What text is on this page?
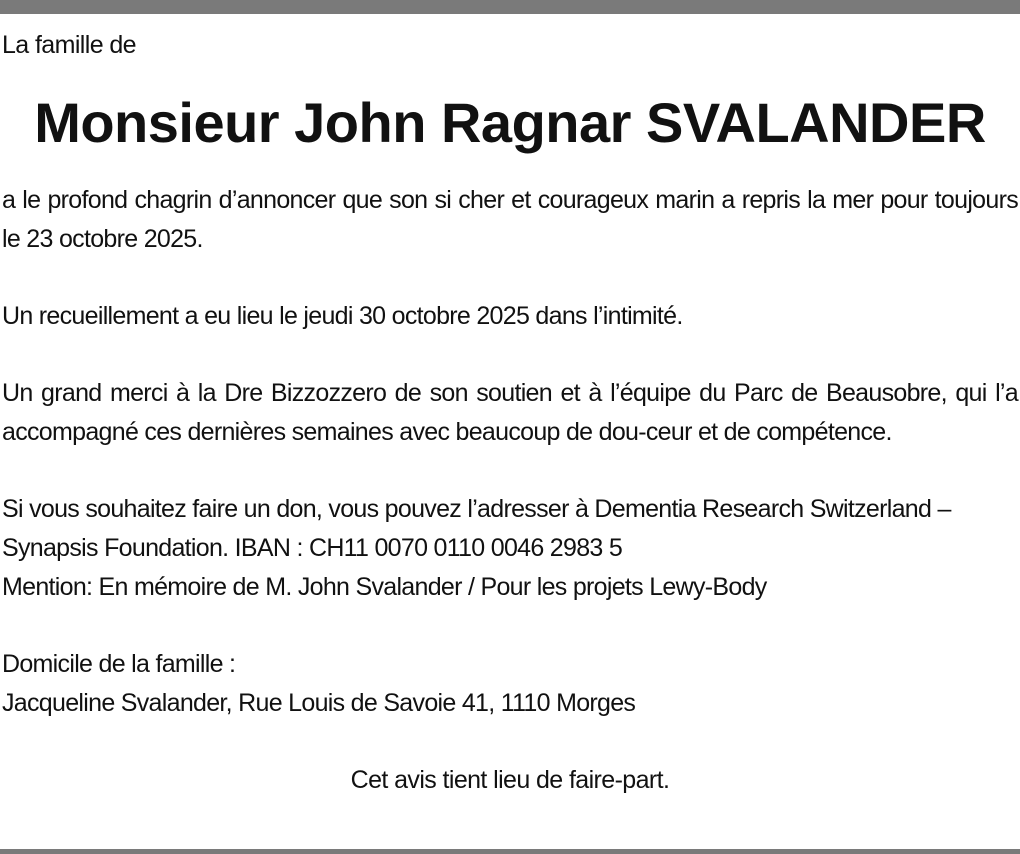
La famille de

Monsieur John Ragnar SVALANDER

a le profond chagrin d’annoncer que son si cher et courageux marin a repris la mer pour toujours le 23 octobre 2025.

Un recueillement a eu lieu le jeudi 30 octobre 2025 dans l’intimité.

Un grand merci à la Dre Bizzozzero de son soutien et à l’équipe du Parc de Beausobre, qui l’a accompagné ces dernières semaines avec beaucoup de dou-ceur et de compétence.

Si vous souhaitez faire un don, vous pouvez l’adresser à Dementia Research Switzerland – Synapsis Foundation. IBAN : CH11 0070 0110 0046 2983 5
Mention: En mémoire de M. John Svalander / Pour les projets Lewy-Body

Domicile de la famille :
Jacqueline Svalander, Rue Louis de Savoie 41, 1110 Morges

Cet avis tient lieu de faire-part.
